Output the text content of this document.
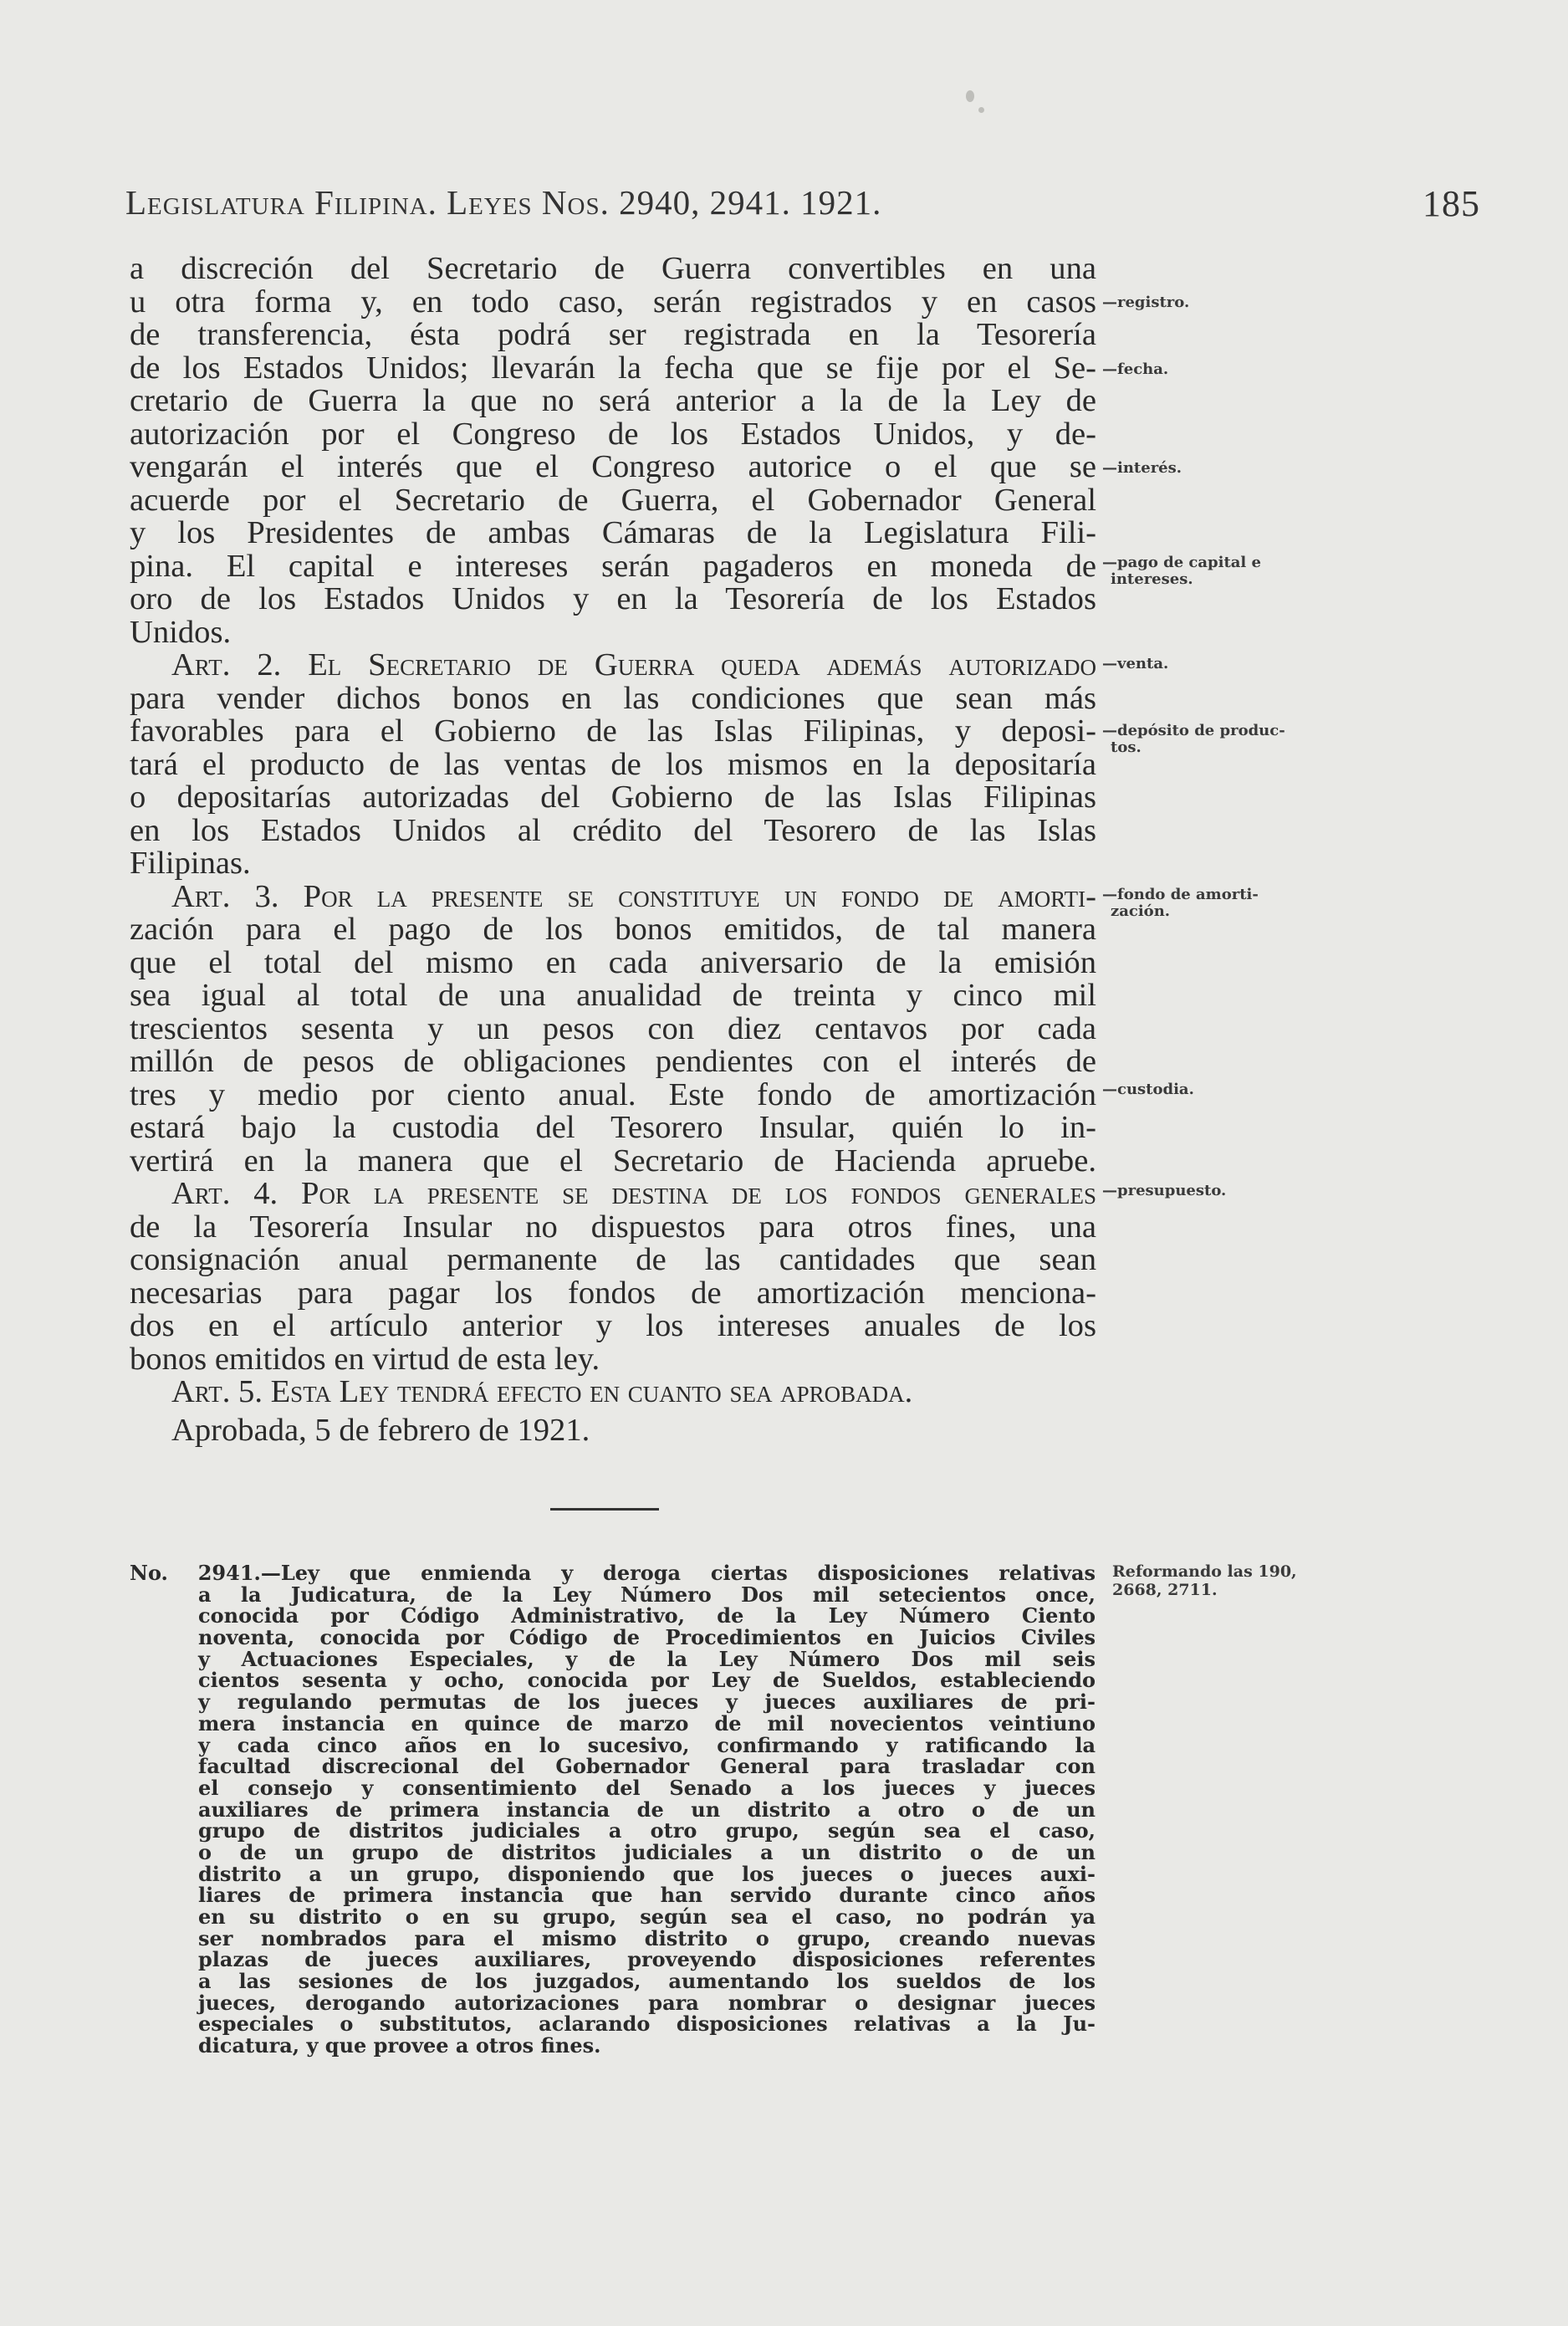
Legislatura Filipina. Leyes Nos. 2940, 2941. 1921.	185
a discreción del Secretario de Guerra convertibles en una
u otra forma y, en todo caso, serán registrados y en casos
de transferencia, ésta podrá ser registrada en la Tesorería
de los Estados Unidos; llevarán la fecha que se fije por el Se-
cretario de Guerra la que no será anterior a la de la Ley de
autorización por el Congreso de los Estados Unidos, y de-
vengarán el interés que el Congreso autorice o el que se
acuerde por el Secretario de Guerra, el Gobernador General
y los Presidentes de ambas Cámaras de la Legislatura Fili-
pina. El capital e intereses serán pagaderos en moneda de
oro de los Estados Unidos y en la Tesorería de los Estados
Unidos.
Art. 2. El Secretario de Guerra queda además autorizado
para vender dichos bonos en las condiciones que sean más
favorables para el Gobierno de las Islas Filipinas, y deposi-
tará el producto de las ventas de los mismos en la depositaría
o depositarías autorizadas del Gobierno de las Islas Filipinas
en los Estados Unidos al crédito del Tesorero de las Islas
Filipinas.
Art. 3. Por la presente se constituye un fondo de amorti-
zación para el pago de los bonos emitidos, de tal manera
que el total del mismo en cada aniversario de la emisión
sea igual al total de una anualidad de treinta y cinco mil
trescientos sesenta y un pesos con diez centavos por cada
millón de pesos de obligaciones pendientes con el interés de
tres y medio por ciento anual. Este fondo de amortización
estará bajo la custodia del Tesorero Insular, quién lo in-
vertirá en la manera que el Secretario de Hacienda apruebe.
Art. 4. Por la presente se destina de los fondos generales
de la Tesorería Insular no dispuestos para otros fines, una
consignación anual permanente de las cantidades que sean
necesarias para pagar los fondos de amortización menciona-
dos en el artículo anterior y los intereses anuales de los
bonos emitidos en virtud de esta ley.
Art. 5. Esta Ley tendrá efecto en cuanto sea aprobada.
Aprobada, 5 de febrero de 1921.
—registro.
—fecha.
—interés.
—pago de capital e
intereses.
—venta.
—depósito de produc-
tos.
—fondo de amorti-
zación.
—custodia.
—presupuesto.
No. 2941.—Ley que enmienda y deroga ciertas disposiciones relativas
a la Judicatura, de la Ley Número Dos mil setecientos once,
conocida por Código Administrativo, de la Ley Número Ciento
noventa, conocida por Código de Procedimientos en Juicios Civiles
y Actuaciones Especiales, y de la Ley Número Dos mil seis
cientos sesenta y ocho, conocida por Ley de Sueldos, estableciendo
y regulando permutas de los jueces y jueces auxiliares de pri-
mera instancia en quince de marzo de mil novecientos veintiuno
y cada cinco años en lo sucesivo, confirmando y ratificando la
facultad discrecional del Gobernador General para trasladar con
el consejo y consentimiento del Senado a los jueces y jueces
auxiliares de primera instancia de un distrito a otro o de un
grupo de distritos judiciales a otro grupo, según sea el caso,
o de un grupo de distritos judiciales a un distrito o de un
distrito a un grupo, disponiendo que los jueces o jueces auxi-
liares de primera instancia que han servido durante cinco años
en su distrito o en su grupo, según sea el caso, no podrán ya
ser nombrados para el mismo distrito o grupo, creando nuevas
plazas de jueces auxiliares, proveyendo disposiciones referentes
a las sesiones de los juzgados, aumentando los sueldos de los
jueces, derogando autorizaciones para nombrar o designar jueces
especiales o substitutos, aclarando disposiciones relativas a la Ju-
dicatura, y que provee a otros fines.
Reformando las 190,
2668, 2711.
